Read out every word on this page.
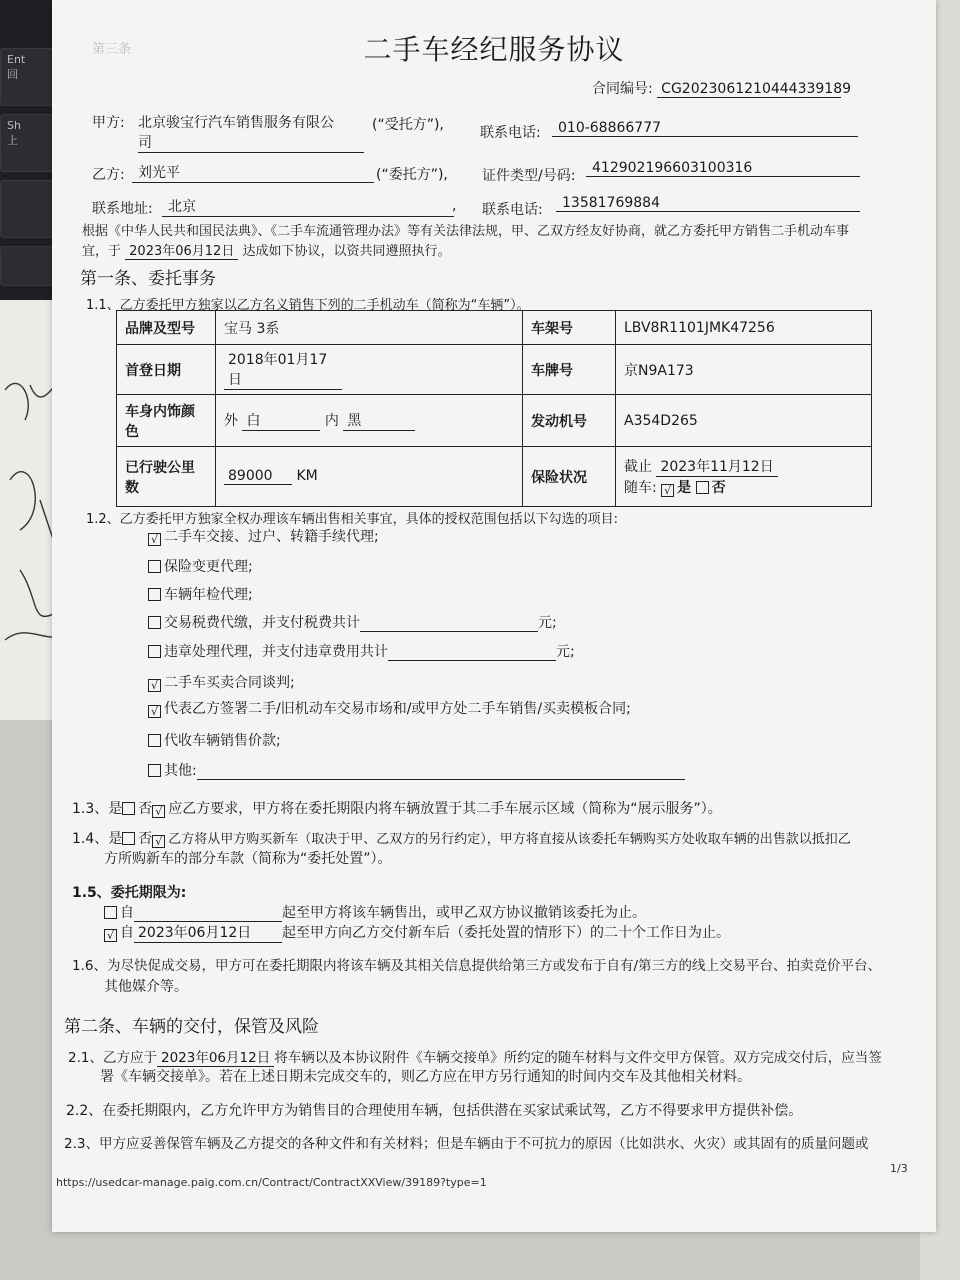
Ent
回
Sh
上
第三条	二手车经纪服务协议
合同编号: CG2023061210444339189
甲方: 北京骏宝行汽车销售服务有限公
司
(“受托方”),	联系电话:	010-68866777
乙方: 刘光平	(“委托方”), 证件类型/号码:	412902196603100316
联系地址:	北京	, 联系电话:	13581769884
根据《中华人民共和国民法典》、《二手车流通管理办法》等有关法律法规，甲、乙双方经友好协商，就乙方委托甲方销售二手机动车事
宜，于 2023年06月12日 达成如下协议，以资共同遵照执行。
第一条、委托事务
1.1、乙方委托甲方独家以乙方名义销售下列的二手机动车（简称为“车辆”）。
品牌及型号	宝马 3系	车架号	LBV8R1101JMK47256
首登日期	2018年01月17日	车牌号	京N9A173
车身内饰颜
色	外 白 内 黑	发动机号	A354D265
已行驶公里
数	89000 KM	保险状况	截止 2023年11月12日
随车: √ 是 否
1.2、乙方委托甲方独家全权办理该车辆出售相关事宜，具体的授权范围包括以下勾选的项目:
√ 二手车交接、过户、转籍手续代理;
保险变更代理;
车辆年检代理;
交易税费代缴，并支付税费共计	元;
违章处理代理，并支付违章费用共计	元;
√ 二手车买卖合同谈判;
√ 代表乙方签署二手/旧机动车交易市场和/或甲方处二手车销售/买卖模板合同;
代收车辆销售价款;
其他:
1.3、是 否 √ 应乙方要求，甲方将在委托期限内将车辆放置于其二手车展示区域（简称为“展示服务”）。
1.4、是 否 √ 乙方将从甲方购买新车（取决于甲、乙双方的另行约定），甲方将直接从该委托车辆购买方处收取车辆的出售款以抵扣乙
方所购新车的部分车款（简称为“委托处置”）。
1.5、委托期限为:
自	起至甲方将该车辆售出，或甲乙双方协议撤销该委托为止。
√ 自 2023年06月12日 起至甲方向乙方交付新车后（委托处置的情形下）的二十个工作日为止。
1.6、为尽快促成交易，甲方可在委托期限内将该车辆及其相关信息提供给第三方或发布于自有/第三方的线上交易平台、拍卖竞价平台、
其他媒介等。
第二条、车辆的交付，保管及风险
2.1、乙方应于 2023年06月12日 将车辆以及本协议附件《车辆交接单》所约定的随车材料与文件交甲方保管。双方完成交付后，应当签
署《车辆交接单》。若在上述日期未完成交车的，则乙方应在甲方另行通知的时间内交车及其他相关材料。
2.2、在委托期限内，乙方允许甲方为销售目的合理使用车辆，包括供潜在买家试乘试驾，乙方不得要求甲方提供补偿。
2.3、甲方应妥善保管车辆及乙方提交的各种文件和有关材料；但是车辆由于不可抗力的原因（比如洪水、火灾）或其固有的质量问题或
1/3
https://usedcar-manage.paig.com.cn/Contract/ContractXXView/39189?type=1
